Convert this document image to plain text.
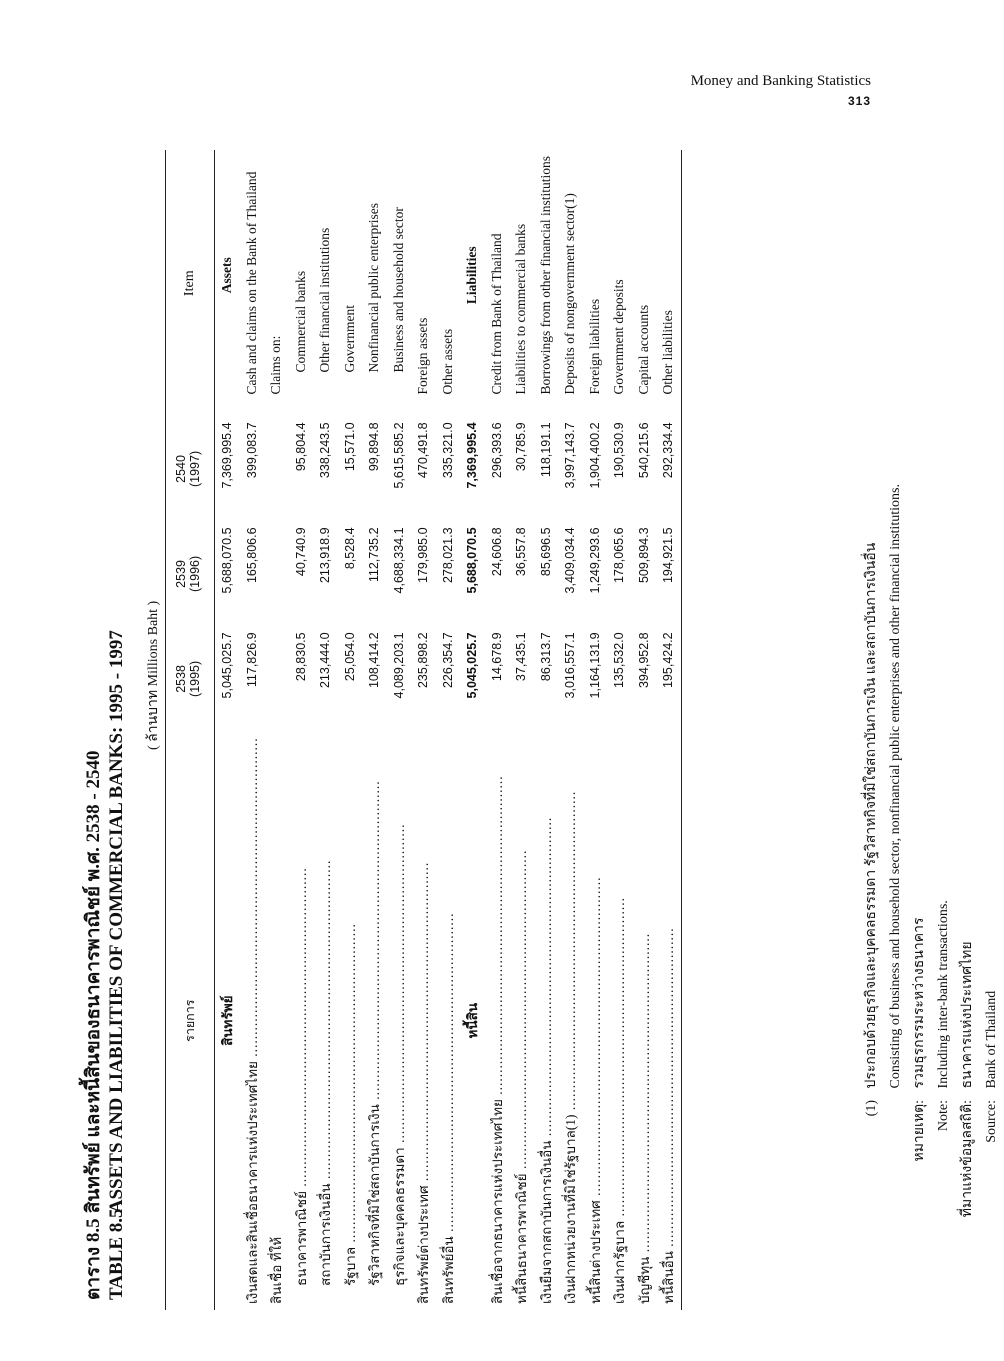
Money and Banking Statistics
313
ตาราง 8.5 สินทรัพย์ และหนี้สินของธนาคารพาณิชย์ พ.ศ. 2538 - 2540
TABLE 8.5 ASSETS AND LIABILITIES OF COMMERCIAL BANKS: 1995 - 1997 ( ล้านบาท Millions Baht )
รายการ	2538	2539	2540	Item
	(1995)	(1996)	(1997)	
สินทรัพย์	5,045,025.7	5,688,070.5	7,369,995.4	Assets
เงินสดและสินเชื่อธนาคารแห่งประเทศไทย .....	117,826.9	165,806.6	399,083.7	Cash and claims on the Bank of Thailand
สินเชื่อ ที่ให้				Claims on:
ธนาคารพาณิชย์ .....	28,830.5	40,740.9	95,804.4	Commercial banks
สถาบันการเงินอื่น .....	213,444.0	213,918.9	338,243.5	Other financial institutions
รัฐบาล .....	25,054.0	8,528.4	15,571.0	Government
รัฐวิสาหกิจที่มิใช่สถาบันการเงิน .....	108,414.2	112,735.2	99,894.8	Nonfinancial public enterprises
ธุรกิจและบุคคลธรรมดา .....	4,089,203.1	4,688,334.1	5,615,585.2	Business and household sector
สินทรัพย์ต่างประเทศ .....	235,898.2	179,985.0	470,491.8	Foreign assets
สินทรัพย์อื่น .....	226,354.7	278,021.3	335,321.0	Other assets
หนี้สิน	5,045,025.7	5,688,070.5	7,369,995.4	Liabilities
สินเชื่อจากธนาคารแห่งประเทศไทย .....	14,678.9	24,606.8	296,393.6	Credit from Bank of Thailand
หนี้สินธนาคารพาณิชย์ .....	37,435.1	36,557.8	30,785.9	Liabilities to commercial banks
เงินยืมจากสถาบันการเงินอื่น .....	86,313.7	85,696.5	118,191.1	Borrowings from other financial institutions
เงินฝากหน่วยงานที่มิใช่รัฐบาล(1) .....	3,016,557.1	3,409,034.4	3,997,143.7	Deposits of nongovernment sector(1)
หนี้สินต่างประเทศ .....	1,164,131.9	1,249,293.6	1,904,400.2	Foreign liabilities
เงินฝากรัฐบาล .....	135,532.0	178,065.6	190,530.9	Government deposits
บัญชีทุน .....	394,952.8	509,894.3	540,215.6	Capital accounts
หนี้สินอื่น .....	195,424.2	194,921.5	292,334.4	Other liabilities
(1) ประกอบด้วยธุรกิจและบุคคลธรรมดา รัฐวิสาหกิจที่มิใช่สถาบันการเงิน และสถาบันการเงินอื่น Consisting of business and household sector, nonfinancial public enterprises and other financial institutions.
หมายเหตุ: รวมธุรกรรมระหว่างธนาคาร
Note: Including inter-bank transactions.
ที่มาแห่งข้อมูลสถิติ: ธนาคารแห่งประเทศไทย
Source: Bank of Thailand
